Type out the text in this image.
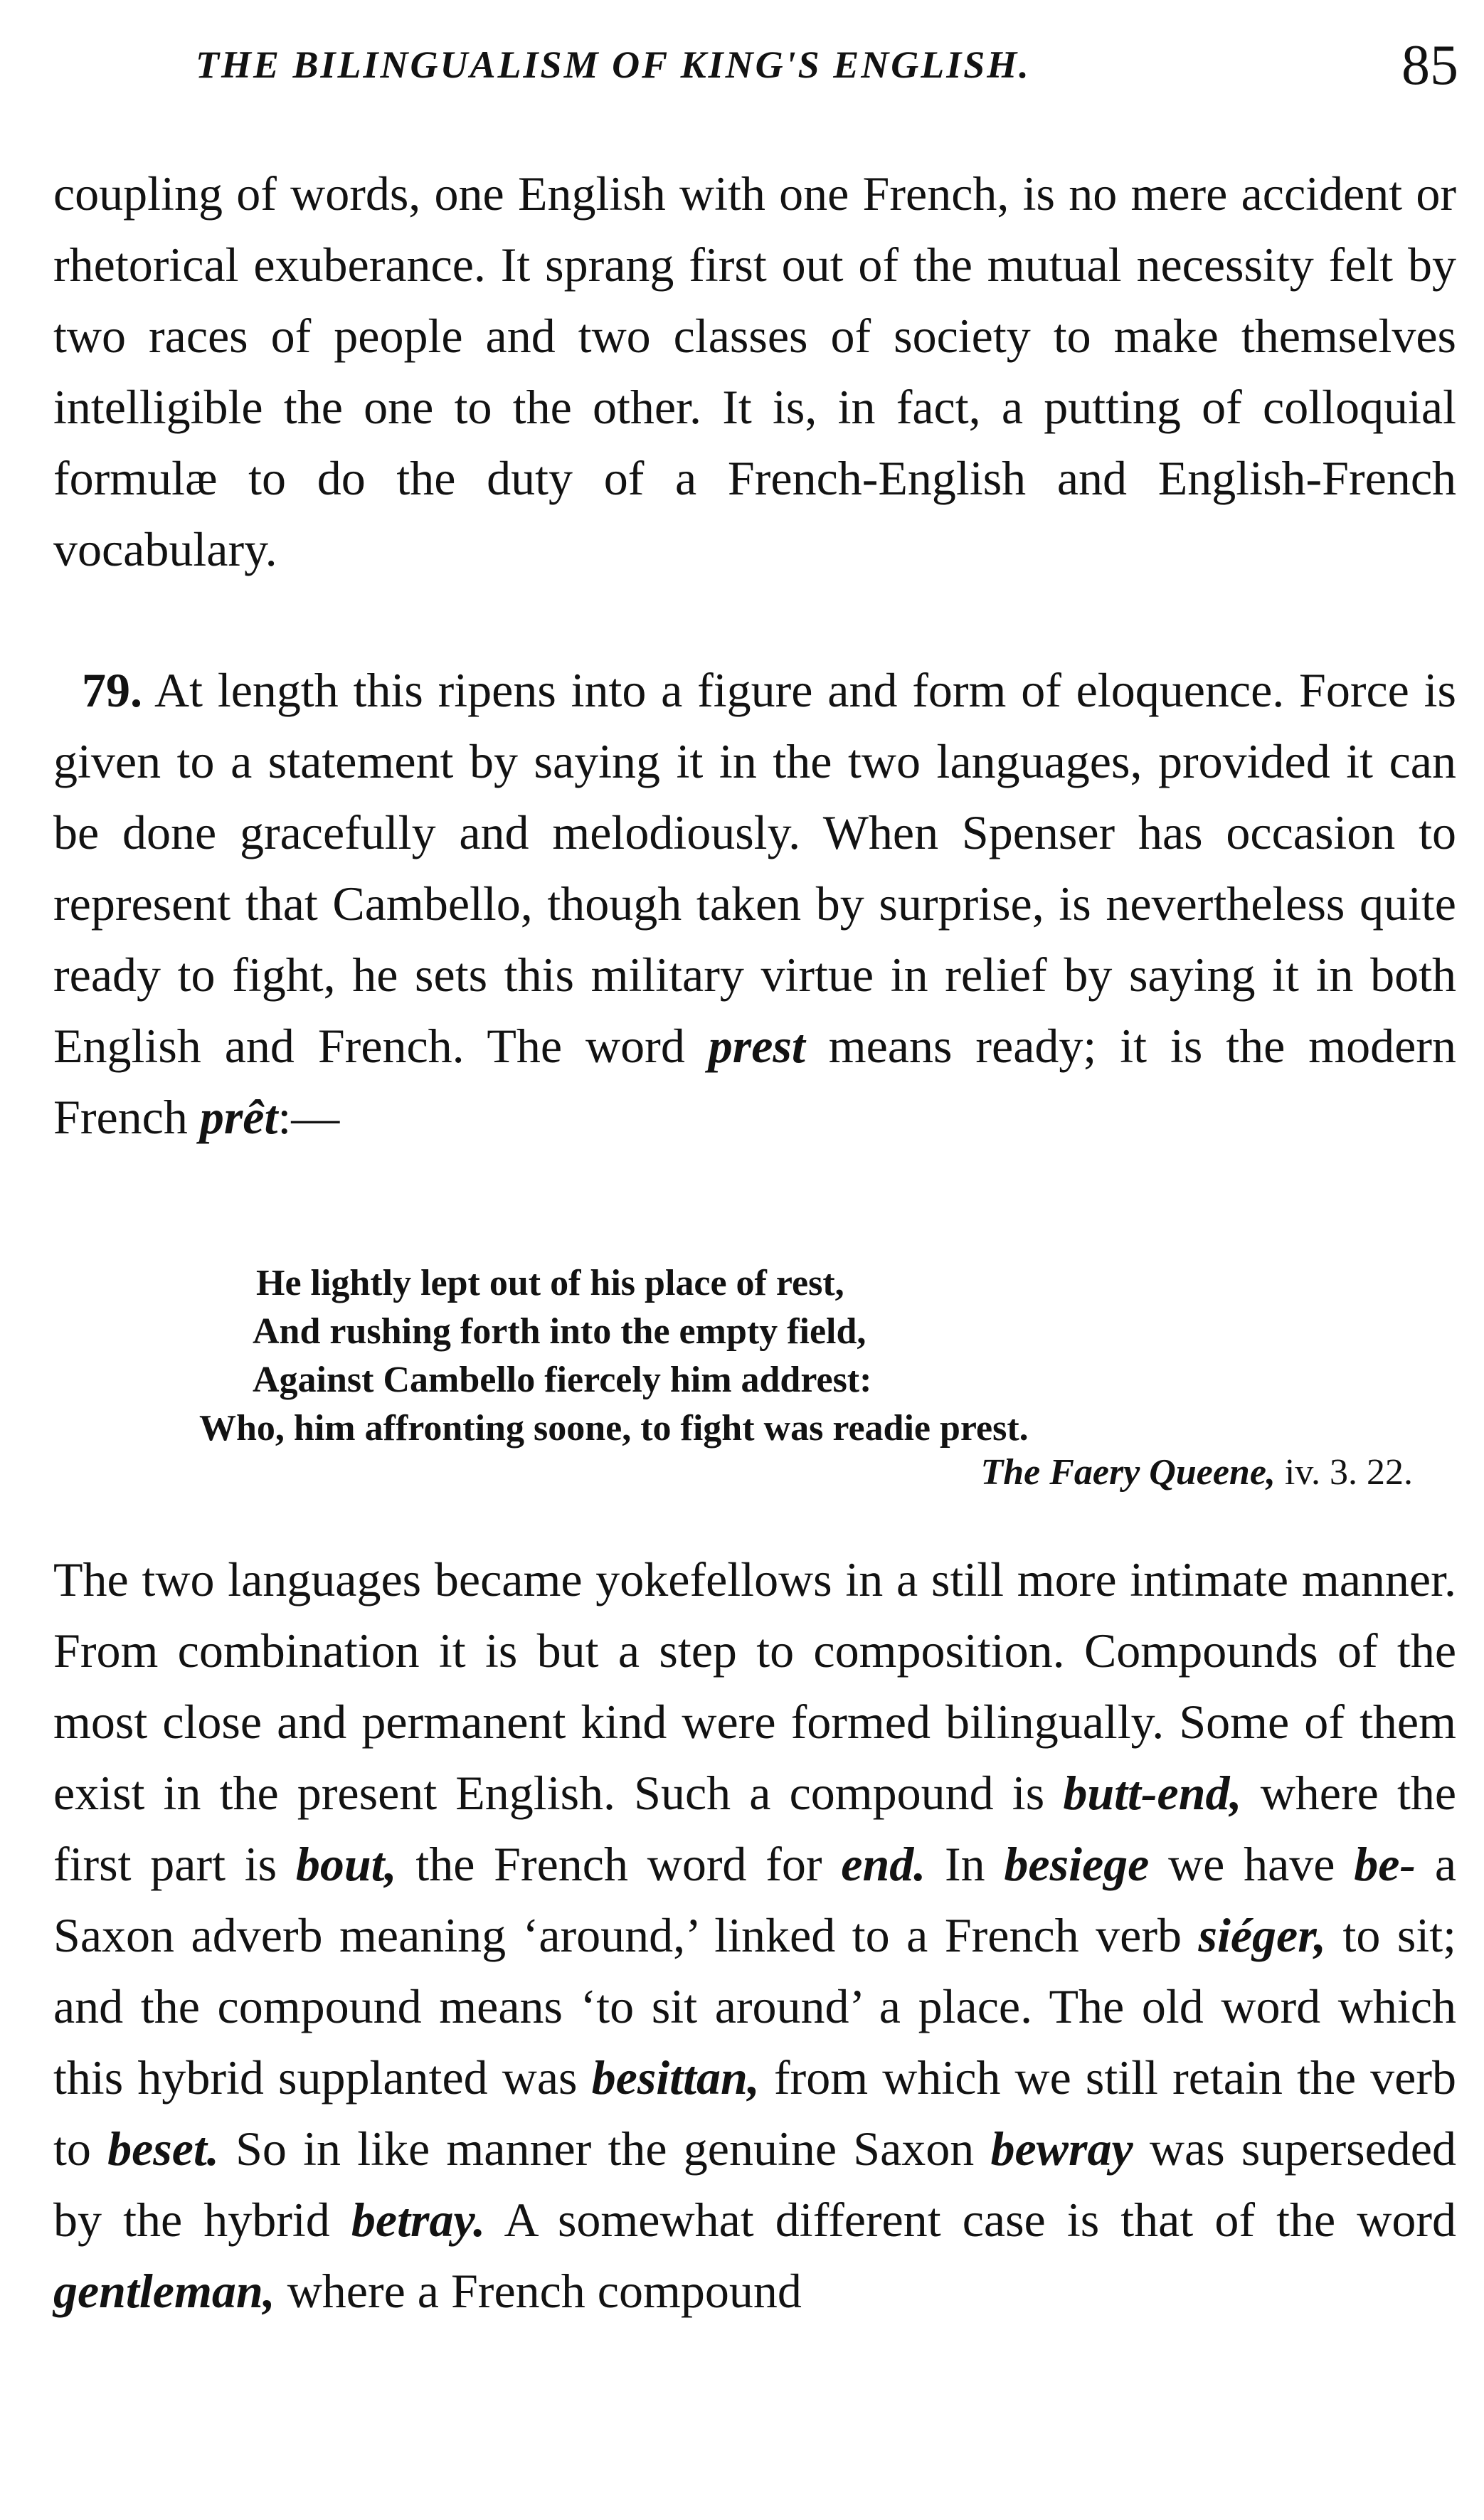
THE BILINGUALISM OF KING'S ENGLISH.	85

coupling of words, one English with one French, is no mere accident or rhetorical exuberance. It sprang first out of the mutual necessity felt by two races of people and two classes of society to make themselves intelligible the one to the other. It is, in fact, a putting of colloquial formulæ to do the duty of a French-English and English-French vocabulary.

79. At length this ripens into a figure and form of eloquence. Force is given to a statement by saying it in the two languages, provided it can be done gracefully and melodiously. When Spenser has occasion to represent that Cambello, though taken by surprise, is nevertheless quite ready to fight, he sets this military virtue in relief by saying it in both English and French. The word prest means ready; it is the modern French prêt:—

He lightly lept out of his place of rest,
And rushing forth into the empty field,
Against Cambello fiercely him addrest:
Who, him affronting soone, to fight was readie prest.
The Faery Queene, iv. 3. 22.

The two languages became yokefellows in a still more intimate manner. From combination it is but a step to composition. Compounds of the most close and permanent kind were formed bilingually. Some of them exist in the present English. Such a compound is butt-end, where the first part is bout, the French word for end. In besiege we have be- a Saxon adverb meaning ‘around,’ linked to a French verb siéger, to sit; and the compound means ‘to sit around’ a place. The old word which this hybrid supplanted was besittan, from which we still retain the verb to beset. So in like manner the genuine Saxon bewray was superseded by the hybrid betray. A somewhat different case is that of the word gentleman, where a French compound
